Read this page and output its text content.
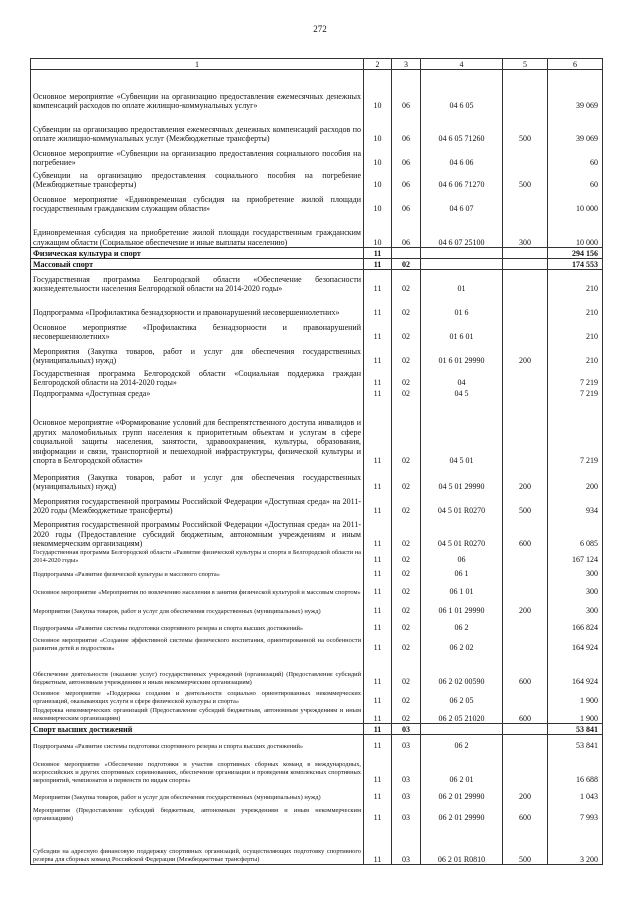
272
1	2	3	4	5	6
Основное мероприятие «Субвенции на организацию предоставления ежемесячных денежных компенсаций расходов по оплате жилищно-коммунальных услуг»	10	06	04 6 05		39 069
Субвенции на организацию предоставления ежемесячных денежных компенсаций расходов по оплате жилищно-коммунальных услуг (Межбюджетные трансферты)	10	06	04 6 05 71260	500	39 069
Основное мероприятие «Субвенции на организацию предоставления социального пособия на погребение»	10	06	04 6 06		60
Субвенции на организацию предоставления социального пособия на погребение (Межбюджетные трансферты)	10	06	04 6 06 71270	500	60
Основное мероприятие «Единовременная субсидия на приобретение жилой площади государственным гражданским служащим области»	10	06	04 6 07		10 000
Единовременная субсидия на приобретение жилой площади государственным гражданским служащим области (Социальное обеспечение и иные выплаты населению)	10	06	04 6 07 25100	300	10 000
Физическая культура и спорт	11				294 156
Массовый спорт	11	02			174 553
Государственная программа Белгородской области «Обеспечение безопасности жизнедеятельности населения Белгородской области на 2014-2020 годы»	11	02	01		210
Подпрограмма «Профилактика безнадзорности и правонарушений несовершеннолетних»	11	02	01 6		210
Основное мероприятие «Профилактика безнадзорности и правонарушений несовершеннолетних»	11	02	01 6 01		210
Мероприятия (Закупка товаров, работ и услуг для обеспечения государственных (муниципальных) нужд)	11	02	01 6 01 29990	200	210
Государственная программа Белгородской области «Социальная поддержка граждан Белгородской области на 2014-2020 годы»	11	02	04		7 219
Подпрограмма «Доступная среда»	11	02	04 5		7 219
Основное мероприятие «Формирование условий для беспрепятственного доступа инвалидов и других маломобильных групп населения к приоритетным объектам и услугам в сфере социальной защиты населения, занятости, здравоохранения, культуры, образования, информации и связи, транспортной и пешеходной инфраструктуры, физической культуры и спорта в Белгородской области»	11	02	04 5 01		7 219
Мероприятия (Закупка товаров, работ и услуг для обеспечения государственных (муниципальных) нужд)	11	02	04 5 01 29990	200	200
Мероприятия государственной программы Российской Федерации «Доступная среда» на 2011-2020 годы (Межбюджетные трансферты)	11	02	04 5 01 R0270	500	934
Мероприятия государственной программы Российской Федерации «Доступная среда» на 2011-2020 годы (Предоставление субсидий бюджетным, автономным учреждениям и иным некоммерческим организациям)	11	02	04 5 01 R0270	600	6 085
Государственная программа Белгородской области «Развитие физической культуры и спорта в Белгородской области на 2014-2020 годы»	11	02	06		167 124
Подпрограмма «Развитие физической культуры и массового спорта»	11	02	06 1		300
Основное мероприятие «Мероприятия по вовлечению населения в занятия физической культурой и массовым спортом»	11	02	06 1 01		300
Мероприятия (Закупка товаров, работ и услуг для обеспечения государственных (муниципальных) нужд)	11	02	06 1 01 29990	200	300
Подпрограмма «Развитие системы подготовки спортивного резерва и спорта высших достижений»	11	02	06 2		166 824
Основное мероприятие «Создание эффективной системы физического воспитания, ориентированной на особенности развития детей и подростков»	11	02	06 2 02		164 924
Обеспечение деятельности (оказание услуг) государственных учреждений (организаций) (Предоставление субсидий бюджетным, автономным учреждениям и иным некоммерческим организациям)	11	02	06 2 02 00590	600	164 924
Основное мероприятие «Поддержка создания и деятельности социально ориентированных некоммерческих организаций, оказывающих услуги в сфере физической культуры и спорта»	11	02	06 2 05		1 900
Поддержка некоммерческих организаций (Предоставление субсидий бюджетным, автономным учреждениям и иным некоммерческим организациям)	11	02	06 2 05 21020	600	1 900
Спорт высших достижений	11	03			53 841
Подпрограмма «Развитие системы подготовки спортивного резерва и спорта высших достижений»	11	03	06 2		53 841
Основное мероприятие «Обеспечение подготовки и участия спортивных сборных команд в международных, всероссийских и других спортивных соревнованиях, обеспечение организации и проведения комплексных спортивных мероприятий, чемпионатов и первенств по видам спорта»	11	03	06 2 01		16 688
Мероприятия (Закупка товаров, работ и услуг для обеспечения государственных (муниципальных) нужд)	11	03	06 2 01 29990	200	1 043
Мероприятия (Предоставление субсидий бюджетным, автономным учреждениям и иным некоммерческим организациям)	11	03	06 2 01 29990	600	7 993
Субсидии на адресную финансовую поддержку спортивных организаций, осуществляющих подготовку спортивного резерва для сборных команд Российской Федерации (Межбюджетные трансферты)	11	03	06 2 01 R0810	500	3 200
